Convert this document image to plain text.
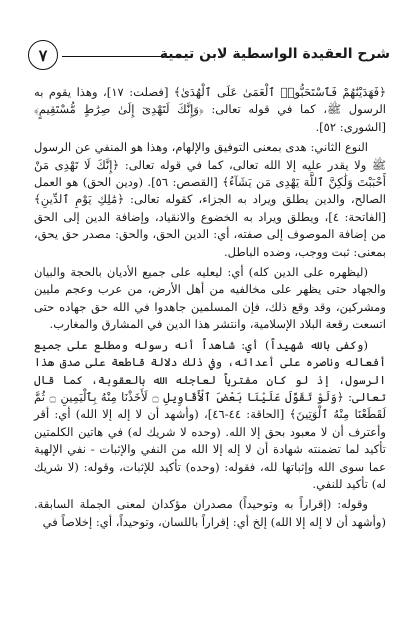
٧	شرح العقيدة الواسطية لابن تيمية

﴿فَهَدَيْنَٰهُمْ فَٱسْتَحَبُّوا۟ ٱلْعَمَىٰ عَلَى ٱلْهُدَىٰ﴾ [فصلت: ١٧]، وهذا يقوم به الرسول ﷺ، كما في قوله تعالى: ﴿وَإِنَّكَ لَتَهْدِىٓ إِلَىٰ صِرَٰطٍ مُّسْتَقِيمٍ﴾ [الشورى: ٥٢].

النوع الثاني: هدى بمعنى التوفيق والإلهام، وهذا هو المنفي عن الرسول ﷺ ولا يقدر عليه إلا الله تعالى، كما في قوله تعالى: ﴿إِنَّكَ لَا تَهْدِى مَنْ أَحْبَبْتَ وَلَٰكِنَّ ٱللَّهَ يَهْدِى مَن يَشَآءُ﴾ [القصص: ٥٦]. (ودين الحق) هو العمل الصالح، والدين يطلق ويراد به الجزاء، كقوله تعالى: ﴿مَٰلِكِ يَوْمِ ٱلدِّينِ﴾ [الفاتحة: ٤]، ويطلق ويراد به الخضوع والانقياد، وإضافة الدين إلى الحق من إضافة الموصوف إلى صفته، أي: الدين الحق، والحق: مصدر حق يحق، بمعنى: ثبت ووجب، وضده الباطل.

(ليظهره على الدين كله) أي: ليعليه على جميع الأديان بالحجة والبيان والجهاد حتى يظهر على مخالفيه من أهل الأرض، من عرب وعجم مليين ومشركين، وقد وقع ذلك، فإن المسلمين جاهدوا في الله حق جهاده حتى اتسعت رقعة البلاد الإسلامية، وانتشر هذا الدين في المشارق والمغارب.

(وكفى بالله شهيداً) أي: شاهداً أنه رسوله ومطلع على جميع أفعاله وناصره على أعدائه، وفي ذلك دلالة قاطعة على صدق هذا الرسول، إذ لو كان مفترياً لعاجله الله بالعقوبة، كما قال تعالى: ﴿وَلَوْ تَقَوَّلَ عَلَيْنَا بَعْضَ ٱلْأَقَاوِيلِ ۝ لَأَخَذْنَا مِنْهُ بِٱلْيَمِينِ ۝ ثُمَّ لَقَطَعْنَا مِنْهُ ٱلْوَتِينَ﴾ [الحاقة: ٤٤-٤٦]، (وأشهد أن لا إله إلا الله) أي: أقر وأعترف أن لا معبود بحق إلا الله. (وحده لا شريك له) في هاتين الكلمتين تأكيد لما تضمنته شهادة أن لا إله إلا الله من النفي والإثبات - نفي الإلهية عما سوى الله وإثباتها لله، فقوله: (وحده) تأكيد للإثبات، وقوله: (لا شريك له) تأكيد للنفي.

وقوله: (إقراراً به وتوحيداً) مصدران مؤكدان لمعنى الجملة السابقة. (وأشهد أن لا إله إلا الله) إلخ أي: إقراراً باللسان، وتوحيداً، أي: إخلاصاً في
